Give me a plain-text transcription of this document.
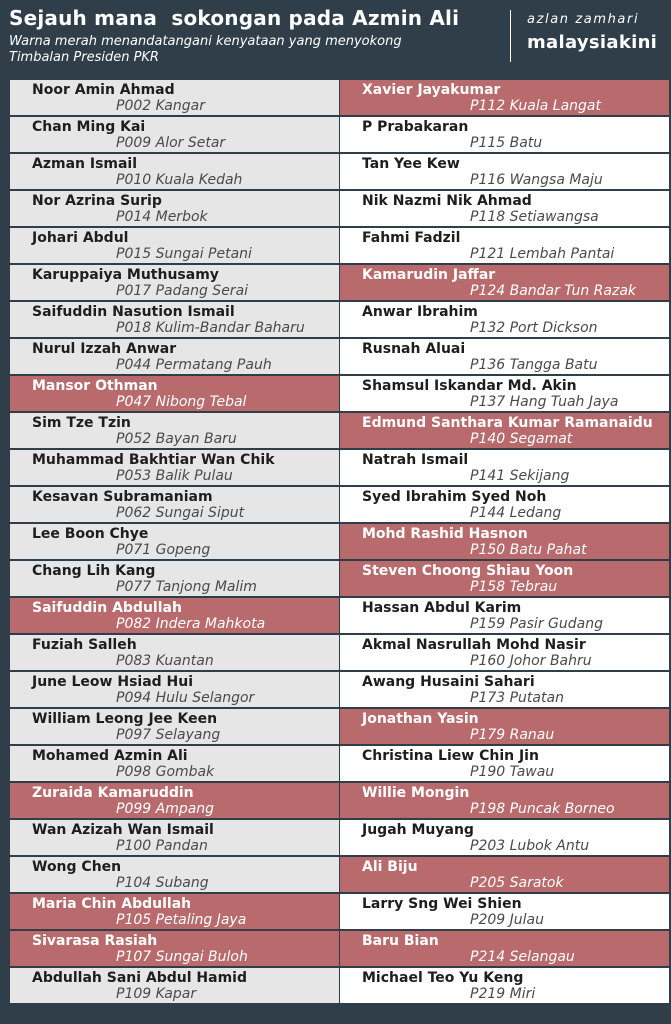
Sejauh mana  sokongan pada Azmin Ali
Warna merah menandatangani kenyataan yang menyokong Timbalan Presiden PKR
azlan zamhari
malaysiakini
Noor Amin Ahmad
P002 Kangar
Chan Ming Kai
P009 Alor Setar
Azman Ismail
P010 Kuala Kedah
Nor Azrina Surip
P014 Merbok
Johari Abdul
P015 Sungai Petani
Karuppaiya Muthusamy
P017 Padang Serai
Saifuddin Nasution Ismail
P018 Kulim-Bandar Baharu
Nurul Izzah Anwar
P044 Permatang Pauh
Mansor Othman
P047 Nibong Tebal
Sim Tze Tzin
P052 Bayan Baru
Muhammad Bakhtiar Wan Chik
P053 Balik Pulau
Kesavan Subramaniam
P062 Sungai Siput
Lee Boon Chye
P071 Gopeng
Chang Lih Kang
P077 Tanjong Malim
Saifuddin Abdullah
P082 Indera Mahkota
Fuziah Salleh
P083 Kuantan
June Leow Hsiad Hui
P094 Hulu Selangor
William Leong Jee Keen
P097 Selayang
Mohamed Azmin Ali
P098 Gombak
Zuraida Kamaruddin
P099 Ampang
Wan Azizah Wan Ismail
P100 Pandan
Wong Chen
P104 Subang
Maria Chin Abdullah
P105 Petaling Jaya
Sivarasa Rasiah
P107 Sungai Buloh
Abdullah Sani Abdul Hamid
P109 Kapar
Xavier Jayakumar
P112 Kuala Langat
P Prabakaran
P115 Batu
Tan Yee Kew
P116 Wangsa Maju
Nik Nazmi Nik Ahmad
P118 Setiawangsa
Fahmi Fadzil
P121 Lembah Pantai
Kamarudin Jaffar
P124 Bandar Tun Razak
Anwar Ibrahim
P132 Port Dickson
Rusnah Aluai
P136 Tangga Batu
Shamsul Iskandar Md. Akin
P137 Hang Tuah Jaya
Edmund Santhara Kumar Ramanaidu
P140 Segamat
Natrah Ismail
P141 Sekijang
Syed Ibrahim Syed Noh
P144 Ledang
Mohd Rashid Hasnon
P150 Batu Pahat
Steven Choong Shiau Yoon
P158 Tebrau
Hassan Abdul Karim
P159 Pasir Gudang
Akmal Nasrullah Mohd Nasir
P160 Johor Bahru
Awang Husaini Sahari
P173 Putatan
Jonathan Yasin
P179 Ranau
Christina Liew Chin Jin
P190 Tawau
Willie Mongin
P198 Puncak Borneo
Jugah Muyang
P203 Lubok Antu
Ali Biju
P205 Saratok
Larry Sng Wei Shien
P209 Julau
Baru Bian
P214 Selangau
Michael Teo Yu Keng
P219 Miri
